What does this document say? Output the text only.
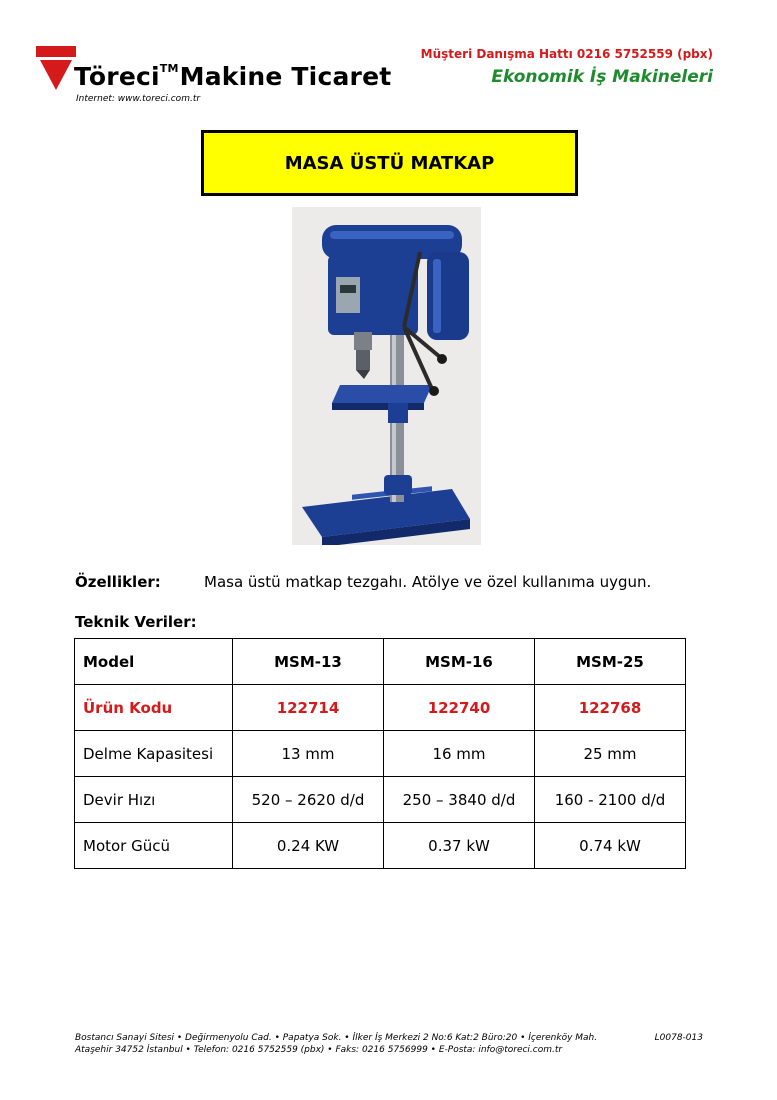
Töreci™Makine Ticaret
Internet: www.toreci.com.tr
Müşteri Danışma Hattı 0216 5752559 (pbx)
Ekonomik İş Makineleri
MASA ÜSTÜ MATKAP
Özellikler:	Masa üstü matkap tezgahı. Atölye ve özel kullanıma uygun.
Teknik Veriler:
Model	MSM-13	MSM-16	MSM-25
Ürün Kodu	122714	122740	122768
Delme Kapasitesi	13 mm	16 mm	25 mm
Devir Hızı	520 – 2620 d/d	250 – 3840 d/d	160 - 2100 d/d
Motor Gücü	0.24 KW	0.37 kW	0.74 kW
Bostancı Sanayi Sitesi • Değirmenyolu Cad. • Papatya Sok. • İlker İş Merkezi 2 No:6 Kat:2 Büro:20 • İçerenköy Mah.
Ataşehir 34752 İstanbul • Telefon: 0216 5752559 (pbx) • Faks: 0216 5756999 • E-Posta: info@toreci.com.tr
L0078-013
